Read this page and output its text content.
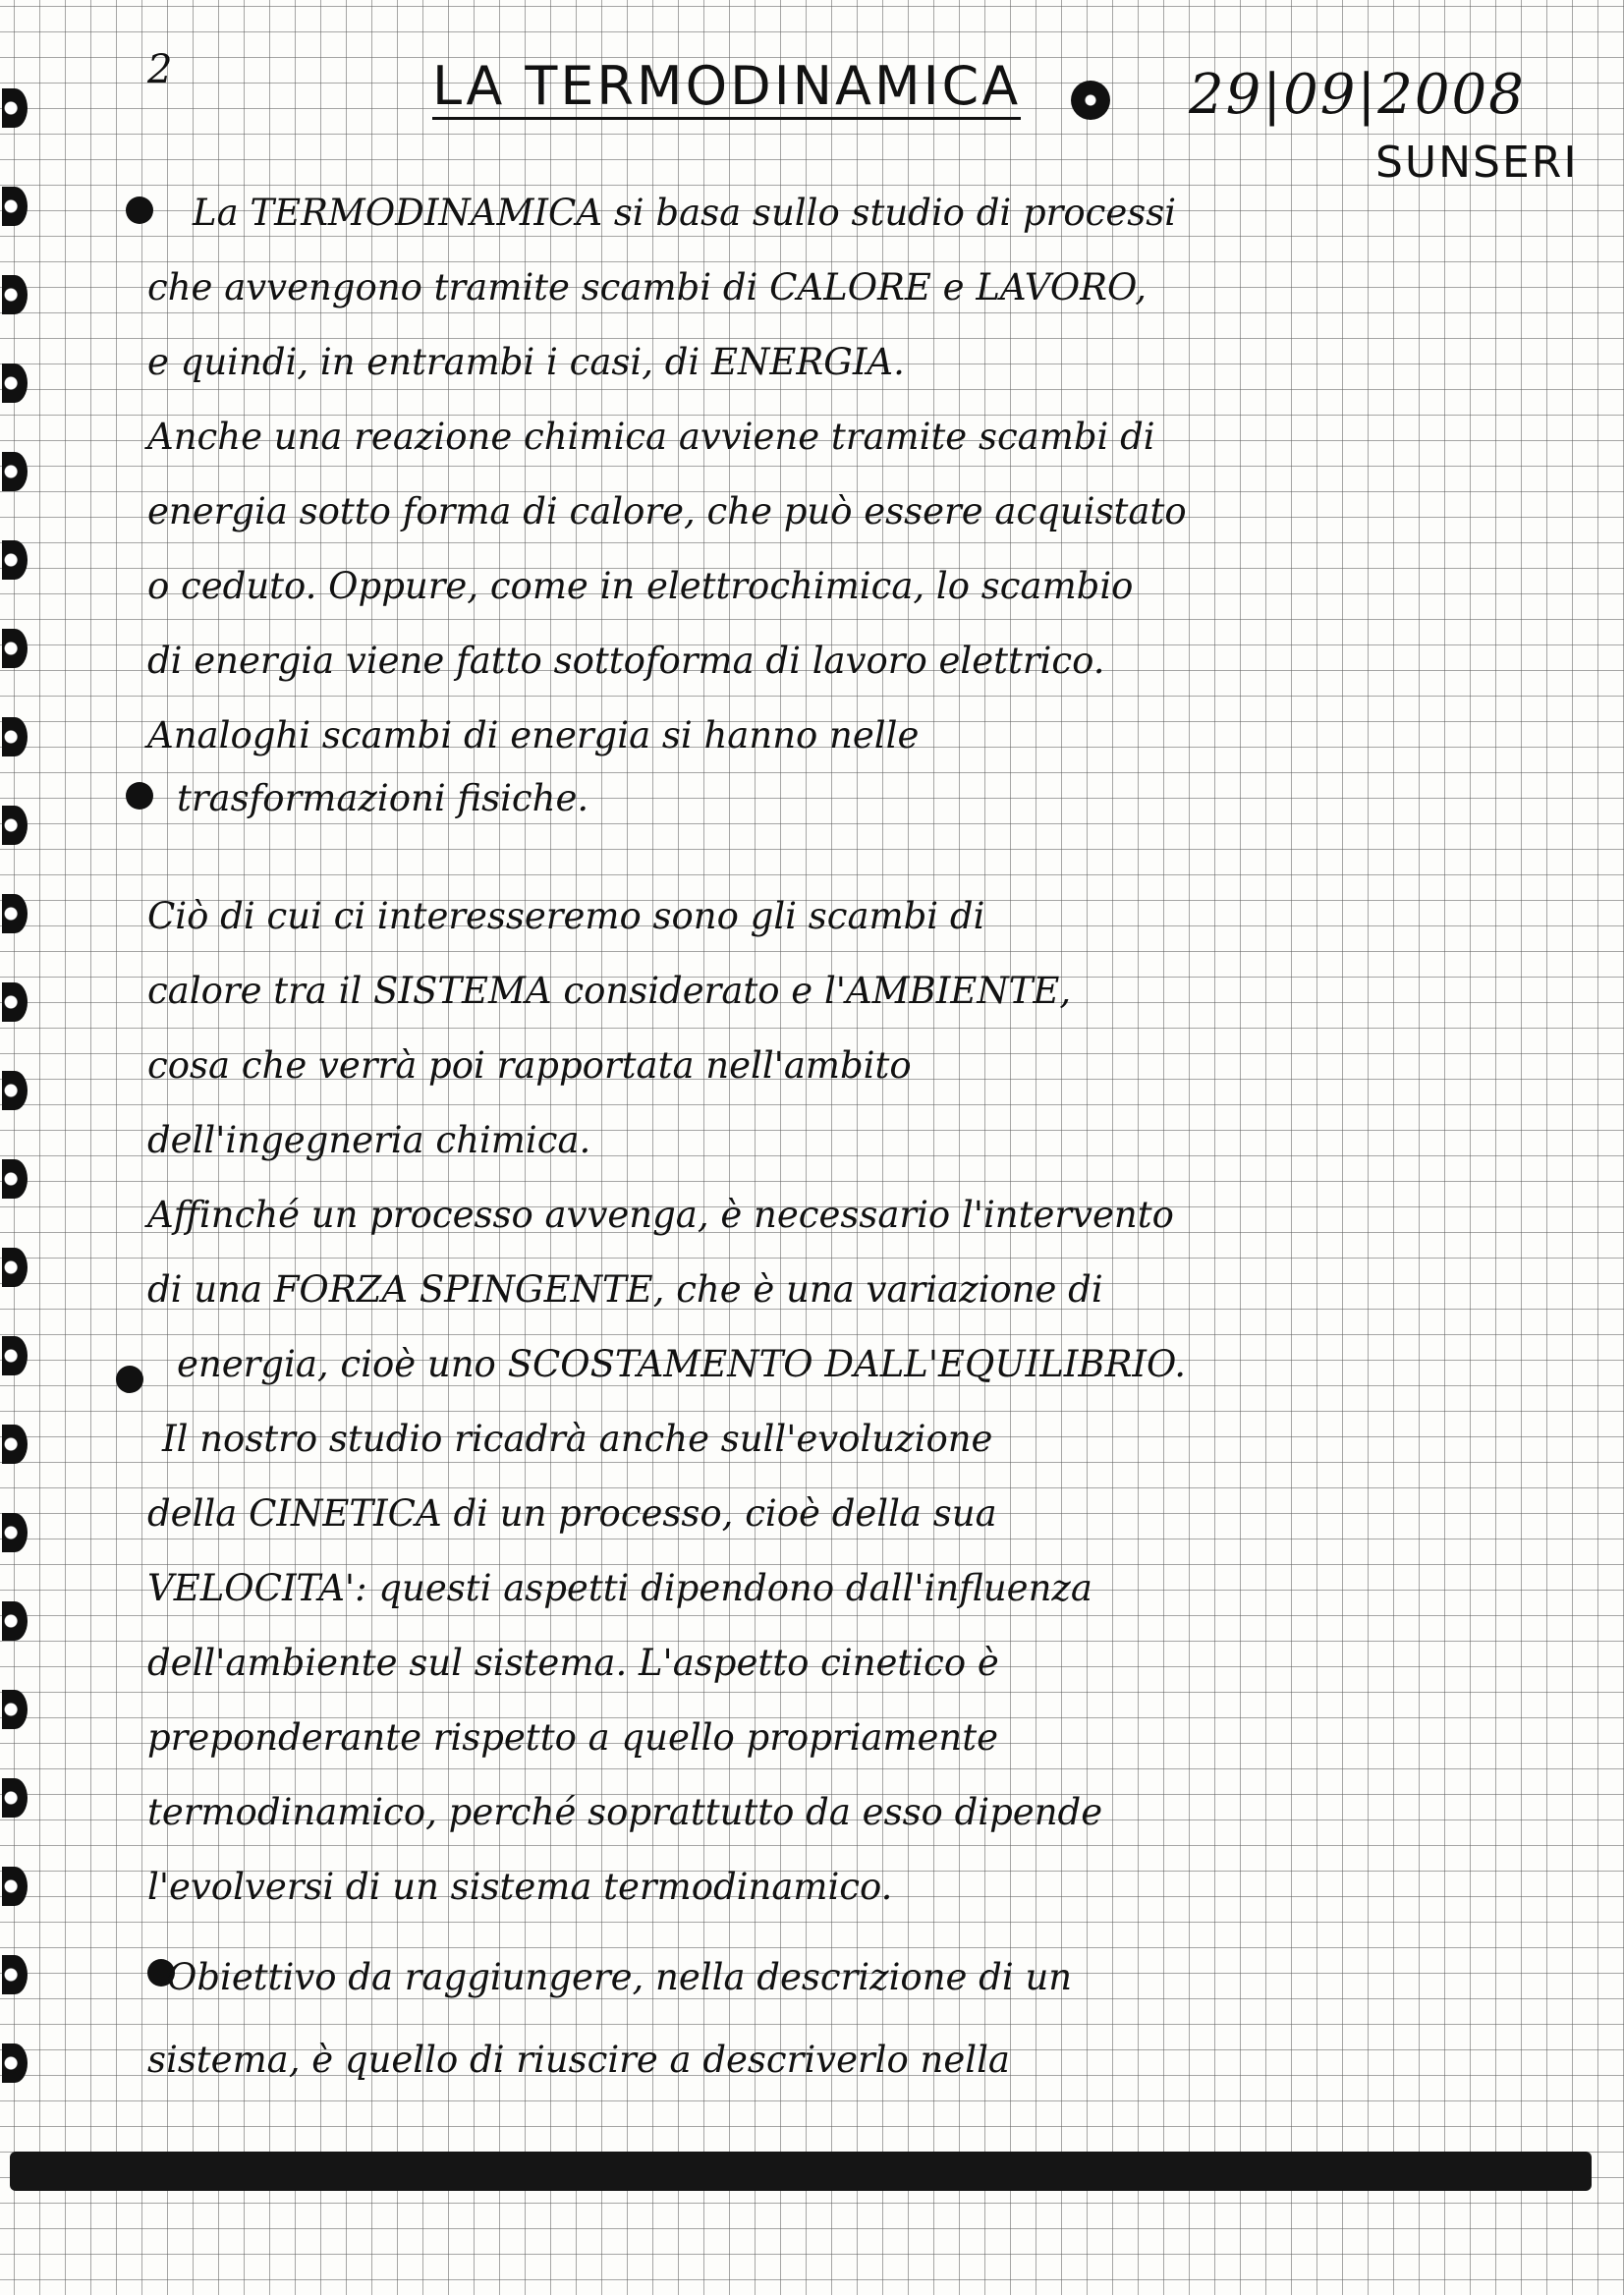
2	LA TERMODINAMICA	29|09|2008
SUNSERI
La TERMODINAMICA si basa sullo studio di processi
che avvengono tramite scambi di CALORE e LAVORO,
e quindi, in entrambi i casi, di ENERGIA.
Anche una reazione chimica avviene tramite scambi di
energia sotto forma di calore, che può essere acquistato
o ceduto. Oppure, come in elettrochimica, lo scambio
di energia viene fatto sottoforma di lavoro elettrico.
Analoghi scambi di energia si hanno nelle
trasformazioni fisiche.
Ciò di cui ci interesseremo sono gli scambi di
calore tra il SISTEMA considerato e l'AMBIENTE,
cosa che verrà poi rapportata nell'ambito
dell'ingegneria chimica.
Affinché un processo avvenga, è necessario l'intervento
di una FORZA SPINGENTE, che è una variazione di
energia, cioè uno SCOSTAMENTO DALL'EQUILIBRIO.
Il nostro studio ricadrà anche sull'evoluzione
della CINETICA di un processo, cioè della sua
VELOCITA': questi aspetti dipendono dall'influenza
dell'ambiente sul sistema. L'aspetto cinetico è
preponderante rispetto a quello propriamente
termodinamico, perché soprattutto da esso dipende
l'evolversi di un sistema termodinamico.
Obiettivo da raggiungere, nella descrizione di un
sistema, è quello di riuscire a descriverlo nella
